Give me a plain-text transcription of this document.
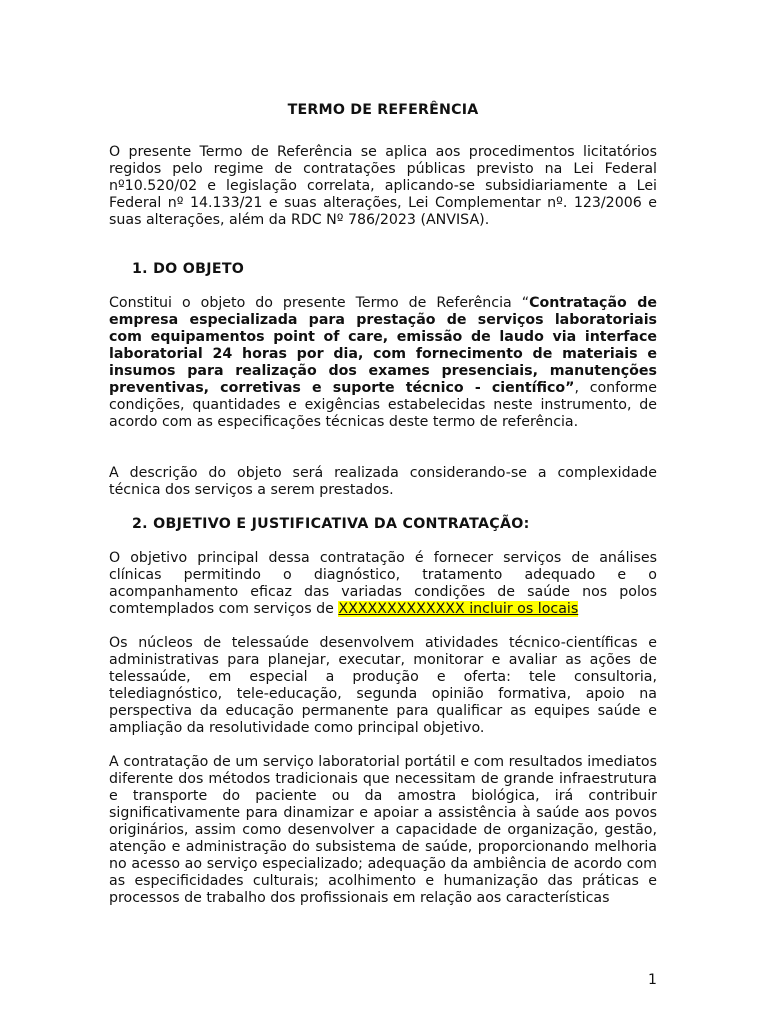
TERMO DE REFERÊNCIA

O presente Termo de Referência se aplica aos procedimentos licitatórios regidos pelo regime de contratações públicas previsto na Lei Federal nº10.520/02 e legislação correlata, aplicando-se subsidiariamente a Lei Federal nº 14.133/21 e suas alterações, Lei Complementar nº. 123/2006 e suas alterações, além da RDC Nº 786/2023 (ANVISA).

1. DO OBJETO

Constitui o objeto do presente Termo de Referência “Contratação de empresa especializada para prestação de serviços laboratoriais com equipamentos point of care, emissão de laudo via interface laboratorial 24 horas por dia, com fornecimento de materiais e insumos para realização dos exames presenciais, manutenções preventivas, corretivas e suporte técnico - científico”, conforme condições, quantidades e exigências estabelecidas neste instrumento, de acordo com as especificações técnicas deste termo de referência.

A descrição do objeto será realizada considerando-se a complexidade técnica dos serviços a serem prestados.

2. OBJETIVO E JUSTIFICATIVA DA CONTRATAÇÃO:

O objetivo principal dessa contratação é fornecer serviços de análises clínicas permitindo o diagnóstico, tratamento adequado e o acompanhamento eficaz das variadas condições de saúde nos polos comtemplados com serviços de XXXXXXXXXXXXX incluir os locais

Os núcleos de telessaúde desenvolvem atividades técnico-científicas e administrativas para planejar, executar, monitorar e avaliar as ações de telessaúde, em especial a produção e oferta: tele consultoria, telediagnóstico, tele-educação, segunda opinião formativa, apoio na perspectiva da educação permanente para qualificar as equipes saúde e ampliação da resolutividade como principal objetivo.

A contratação de um serviço laboratorial portátil e com resultados imediatos diferente dos métodos tradicionais que necessitam de grande infraestrutura e transporte do paciente ou da amostra biológica, irá contribuir significativamente para dinamizar e apoiar a assistência à saúde aos povos originários, assim como desenvolver a capacidade de organização, gestão, atenção e administração do subsistema de saúde, proporcionando melhoria no acesso ao serviço especializado; adequação da ambiência de acordo com as especificidades culturais; acolhimento e humanização das práticas e processos de trabalho dos profissionais em relação aos características

1
